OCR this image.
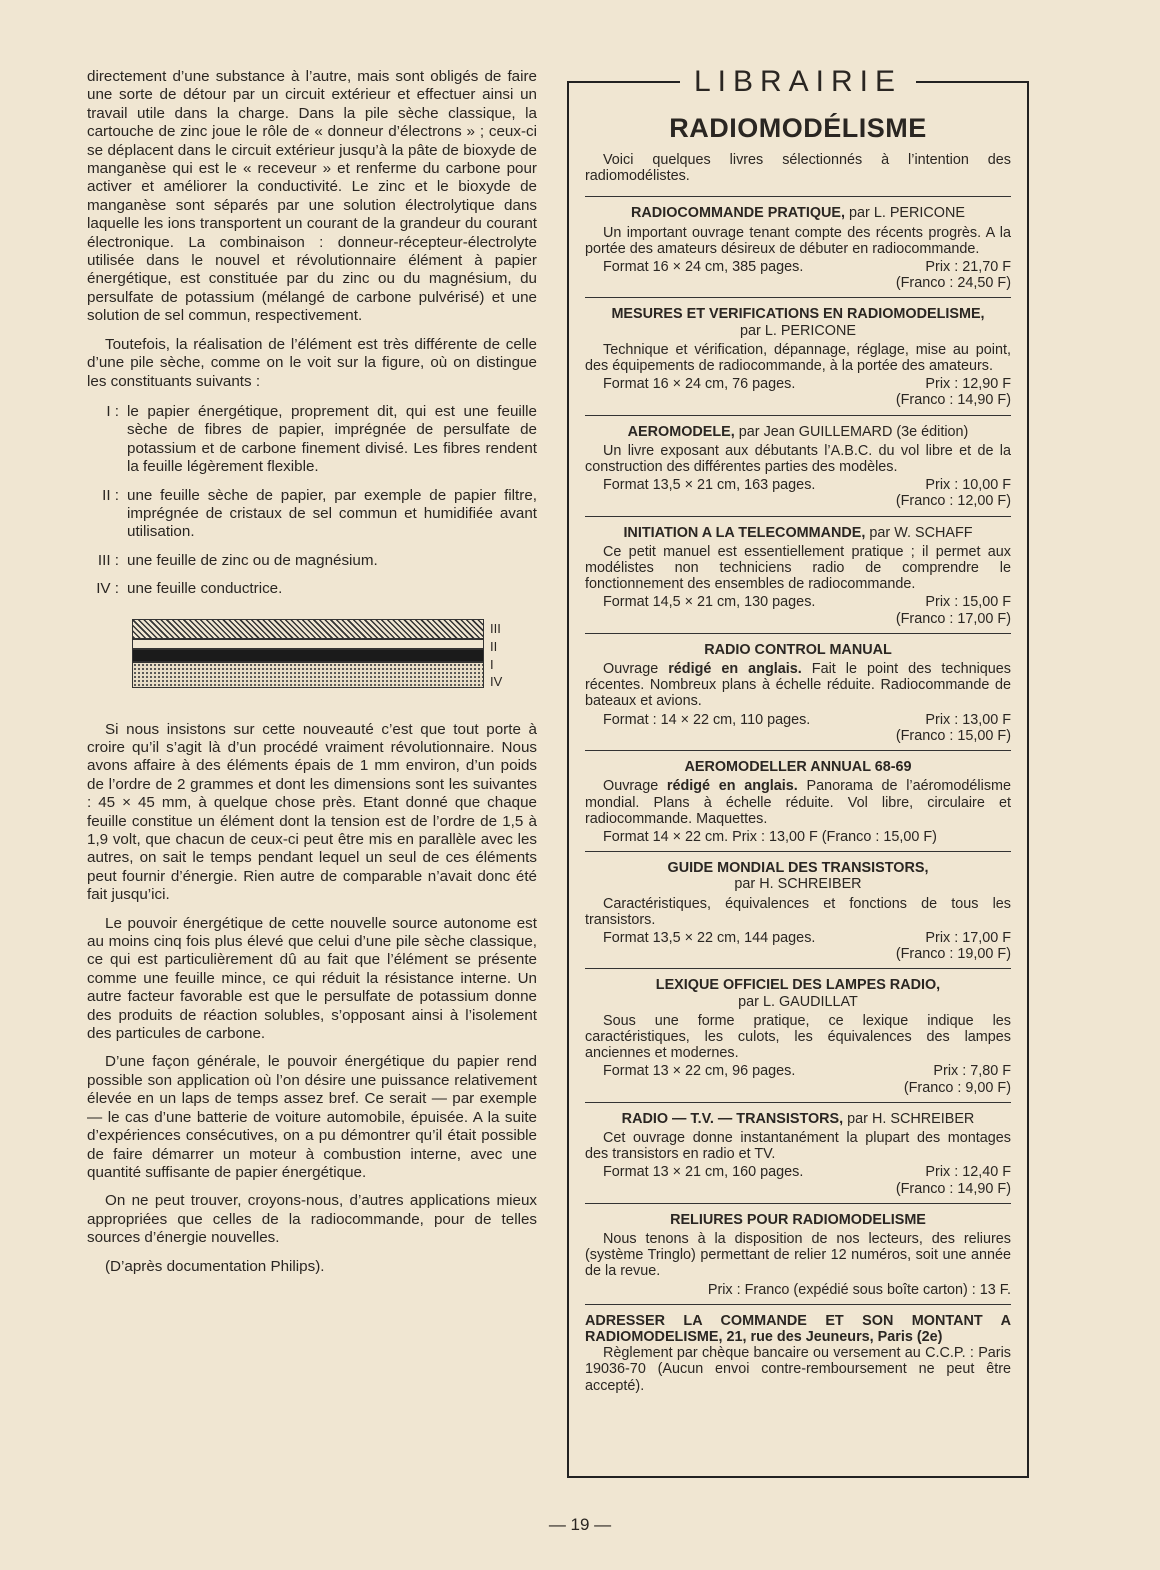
directement d’une substance à l’autre, mais sont obligés de faire une sorte de détour par un circuit extérieur et effectuer ainsi un travail utile dans la charge. Dans la pile sèche classique, la cartouche de zinc joue le rôle de « donneur d’électrons » ; ceux-ci se déplacent dans le circuit extérieur jusqu’à la pâte de bioxyde de manganèse qui est le « receveur » et renferme du carbone pour activer et améliorer la conductivité. Le zinc et le bioxyde de manganèse sont séparés par une solution électrolytique dans laquelle les ions transportent un courant de la grandeur du courant électronique. La combinaison : donneur-récepteur-électrolyte utilisée dans le nouvel et révolutionnaire élément à papier énergétique, est constituée par du zinc ou du magnésium, du persulfate de potassium (mélangé de carbone pulvérisé) et une solution de sel commun, respectivement.

Toutefois, la réalisation de l’élément est très différente de celle d’une pile sèche, comme on le voit sur la figure, où on distingue les constituants suivants :

I : le papier énergétique, proprement dit, qui est une feuille sèche de fibres de papier, imprégnée de persulfate de potassium et de carbone finement divisé. Les fibres rendent la feuille légèrement flexible.
II : une feuille sèche de papier, par exemple de papier filtre, imprégnée de cristaux de sel commun et humidifiée avant utilisation.
III : une feuille de zinc ou de magnésium.
IV : une feuille conductrice.
III
II
I
IV

Si nous insistons sur cette nouveauté c’est que tout porte à croire qu’il s’agit là d’un procédé vraiment révolutionnaire. Nous avons affaire à des éléments épais de 1 mm environ, d’un poids de l’ordre de 2 grammes et dont les dimensions sont les suivantes : 45 × 45 mm, à quelque chose près. Etant donné que chaque feuille constitue un élément dont la tension est de l’ordre de 1,5 à 1,9 volt, que chacun de ceux-ci peut être mis en parallèle avec les autres, on sait le temps pendant lequel un seul de ces éléments peut fournir d’énergie. Rien autre de comparable n’avait donc été fait jusqu’ici.

Le pouvoir énergétique de cette nouvelle source autonome est au moins cinq fois plus élevé que celui d’une pile sèche classique, ce qui est particulièrement dû au fait que l’élément se présente comme une feuille mince, ce qui réduit la résistance interne. Un autre facteur favorable est que le persulfate de potassium donne des produits de réaction solubles, s’opposant ainsi à l’isolement des particules de carbone.

D’une façon générale, le pouvoir énergétique du papier rend possible son application où l’on désire une puissance relativement élevée en un laps de temps assez bref. Ce serait — par exemple — le cas d’une batterie de voiture automobile, épuisée. A la suite d’expériences consécutives, on a pu démontrer qu’il était possible de faire démarrer un moteur à combustion interne, avec une quantité suffisante de papier énergétique.

On ne peut trouver, croyons-nous, d’autres applications mieux appropriées que celles de la radiocommande, pour de telles sources d’énergie nouvelles.

(D’après documentation Philips).

LIBRAIRIE
RADIOMODÉLISME
Voici quelques livres sélectionnés à l’intention des radiomodélistes.
RADIOCOMMANDE PRATIQUE, par L. PERICONE
Un important ouvrage tenant compte des récents progrès. A la portée des amateurs désireux de débuter en radiocommande.
Format 16 × 24 cm, 385 pages.	Prix : 21,70 F
(Franco : 24,50 F)
MESURES ET VERIFICATIONS EN RADIOMODELISME,
par L. PERICONE
Technique et vérification, dépannage, réglage, mise au point, des équipements de radiocommande, à la portée des amateurs.
Format 16 × 24 cm, 76 pages.	Prix : 12,90 F
(Franco : 14,90 F)
AEROMODELE, par Jean GUILLEMARD (3e édition)
Un livre exposant aux débutants l’A.B.C. du vol libre et de la construction des différentes parties des modèles.
Format 13,5 × 21 cm, 163 pages.	Prix : 10,00 F
(Franco : 12,00 F)
INITIATION A LA TELECOMMANDE, par W. SCHAFF
Ce petit manuel est essentiellement pratique ; il permet aux modélistes non techniciens radio de comprendre le fonctionnement des ensembles de radiocommande.
Format 14,5 × 21 cm, 130 pages.	Prix : 15,00 F
(Franco : 17,00 F)
RADIO CONTROL MANUAL
Ouvrage rédigé en anglais. Fait le point des techniques récentes. Nombreux plans à échelle réduite. Radiocommande de bateaux et avions.
Format : 14 × 22 cm, 110 pages.	Prix : 13,00 F
(Franco : 15,00 F)
AEROMODELLER ANNUAL 68-69
Ouvrage rédigé en anglais. Panorama de l’aéromodélisme mondial. Plans à échelle réduite. Vol libre, circulaire et radiocommande. Maquettes.
Format 14 × 22 cm. Prix : 13,00 F (Franco : 15,00 F)
GUIDE MONDIAL DES TRANSISTORS,
par H. SCHREIBER
Caractéristiques, équivalences et fonctions de tous les transistors.
Format 13,5 × 22 cm, 144 pages.	Prix : 17,00 F
(Franco : 19,00 F)
LEXIQUE OFFICIEL DES LAMPES RADIO,
par L. GAUDILLAT
Sous une forme pratique, ce lexique indique les caractéristiques, les culots, les équivalences des lampes anciennes et modernes.
Format 13 × 22 cm, 96 pages.	Prix : 7,80 F
(Franco : 9,00 F)
RADIO — T.V. — TRANSISTORS, par H. SCHREIBER
Cet ouvrage donne instantanément la plupart des montages des transistors en radio et TV.
Format 13 × 21 cm, 160 pages.	Prix : 12,40 F
(Franco : 14,90 F)
RELIURES POUR RADIOMODELISME
Nous tenons à la disposition de nos lecteurs, des reliures (système Tringlo) permettant de relier 12 numéros, soit une année de la revue.
Prix : Franco (expédié sous boîte carton) : 13 F.
ADRESSER LA COMMANDE ET SON MONTANT A RADIOMODELISME, 21, rue des Jeuneurs, Paris (2e)
Règlement par chèque bancaire ou versement au C.C.P. : Paris 19036-70 (Aucun envoi contre-remboursement ne peut être accepté).
— 19 —
